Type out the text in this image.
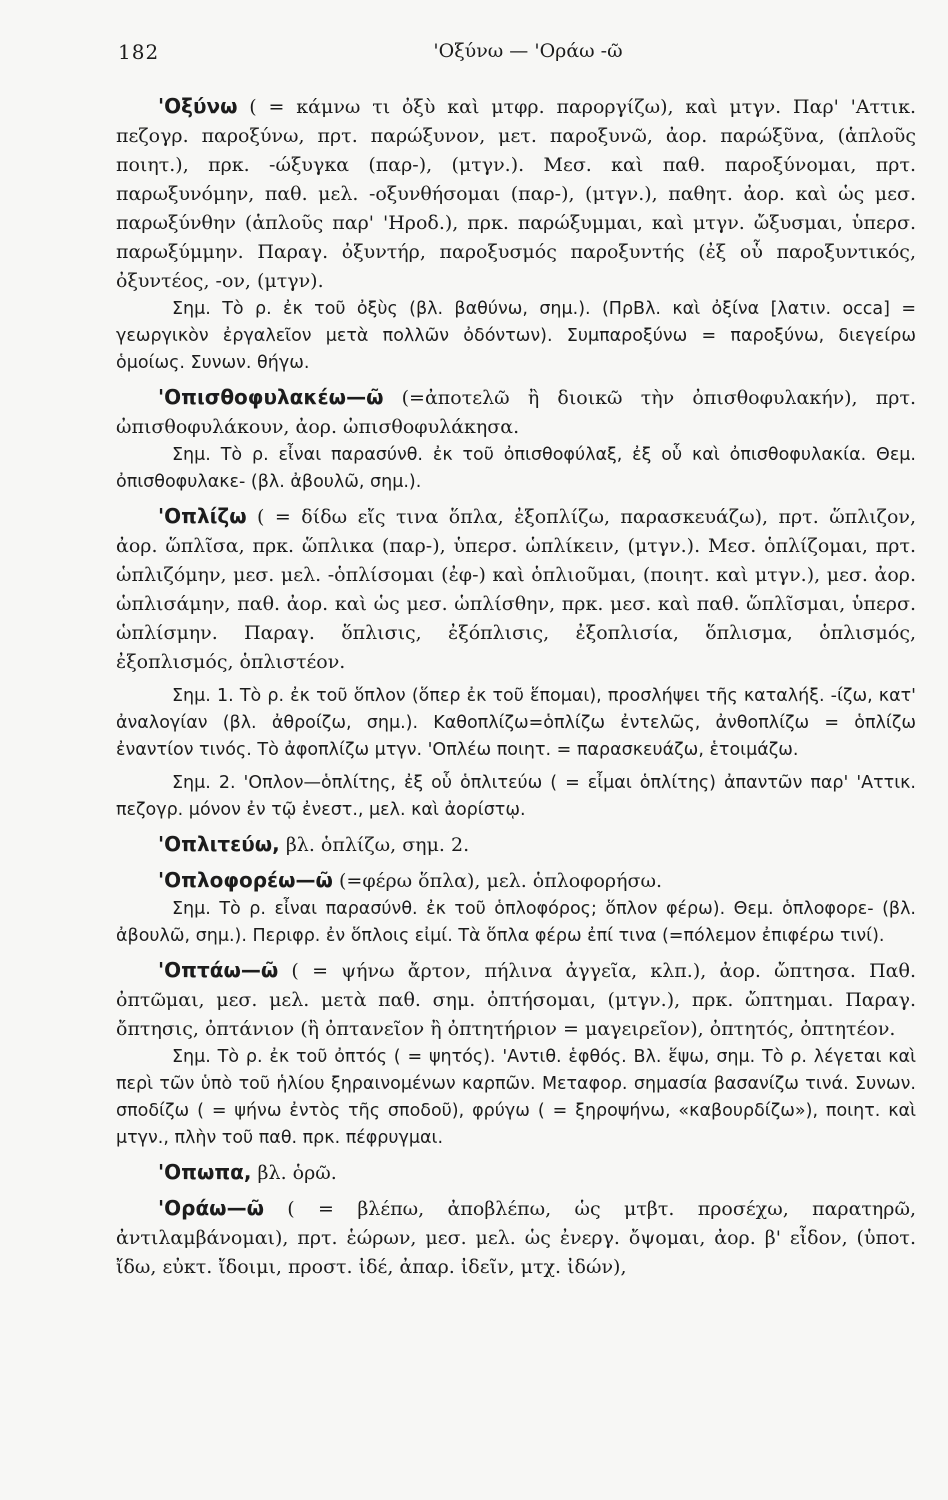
182	'Οξύνω — 'Οράω -ῶ

'Οξύνω ( = κάμνω τι ὀξὺ καὶ μτφρ. παροργίζω), καὶ μτγν. Παρ' 'Αττικ. πεζογρ. παροξύνω, πρτ. παρώξυνον, μετ. παροξυνῶ, ἀορ. παρώξῦνα, (ἁπλοῦς ποιητ.), πρκ. -ώξυγκα (παρ-), (μτγν.). Μεσ. καὶ παθ. παροξύνομαι, πρτ. παρωξυνόμην, παθ. μελ. -οξυνθήσομαι (παρ-), (μτγν.), παθητ. ἀορ. καὶ ὡς μεσ. παρωξύνθην (ἁπλοῦς παρ' 'Ηροδ.), πρκ. παρώξυμμαι, καὶ μτγν. ὤξυσμαι, ὑπερσ. παρωξύμμην. Παραγ. ὀξυντήρ, παροξυσμός παροξυντής (ἐξ οὗ παροξυντικός, ὀξυντέος, -ον, (μτγν).

Σημ. Τὸ ρ. ἐκ τοῦ ὀξὺς (βλ. βαθύνω, σημ.). (ΠρΒλ. καὶ ὀξίνα [λατιν. occa] = γεωργικὸν ἐργαλεῖον μετὰ πολλῶν ὀδόντων). Συμπαροξύνω = παροξύνω, διεγείρω ὁμοίως. Συνων. θήγω.

'Οπισθοφυλακέω—ῶ (=ἀποτελῶ ἢ διοικῶ τὴν ὀπισθοφυλακήν), πρτ. ὠπισθοφυλάκουν, ἀορ. ὠπισθοφυλάκησα.

Σημ. Τὸ ρ. εἶναι παρασύνθ. ἐκ τοῦ ὀπισθοφύλαξ, ἐξ οὗ καὶ ὀπισθοφυλακία. Θεμ. ὀπισθοφυλακε- (βλ. ἀβουλῶ, σημ.).

'Οπλίζω ( = δίδω εἴς τινα ὅπλα, ἐξοπλίζω, παρασκευάζω), πρτ. ὥπλιζον, ἀορ. ὥπλῖσα, πρκ. ὥπλικα (παρ-), ὑπερσ. ὡπλίκειν, (μτγν.). Μεσ. ὁπλίζομαι, πρτ. ὡπλιζόμην, μεσ. μελ. -ὁπλίσομαι (ἐφ-) καὶ ὁπλιοῦμαι, (ποιητ. καὶ μτγν.), μεσ. ἀορ. ὡπλισάμην, παθ. ἀορ. καὶ ὡς μεσ. ὡπλίσθην, πρκ. μεσ. καὶ παθ. ὥπλῖσμαι, ὑπερσ. ὡπλίσμην. Παραγ. ὅπλισις, ἐξόπλισις, ἐξοπλισία, ὅπλισμα, ὁπλισμός, ἐξοπλισμός, ὁπλιστέον.

Σημ. 1. Τὸ ρ. ἐκ τοῦ ὅπλον (ὅπερ ἐκ τοῦ ἕπομαι), προσλήψει τῆς καταλήξ. -ίζω, κατ' ἀναλογίαν (βλ. ἀθροίζω, σημ.). Καθοπλίζω=ὁπλίζω ἐντελῶς, ἀνθοπλίζω = ὁπλίζω ἐναντίον τινός. Τὸ ἀφοπλίζω μτγν. 'Οπλέω ποιητ. = παρασκευάζω, ἑτοιμάζω.

Σημ. 2. 'Οπλον—ὁπλίτης, ἐξ οὗ ὁπλιτεύω ( = εἶμαι ὁπλίτης) ἀπαντῶν παρ' 'Αττικ. πεζογρ. μόνον ἐν τῷ ἐνεστ., μελ. καὶ ἀορίστῳ.

'Οπλιτεύω, βλ. ὁπλίζω, σημ. 2.

'Οπλοφορέω—ῶ (=φέρω ὅπλα), μελ. ὁπλοφορήσω.

Σημ. Τὸ ρ. εἶναι παρασύνθ. ἐκ τοῦ ὁπλοφόρος; ὅπλον φέρω). Θεμ. ὁπλοφορε- (βλ. ἀβουλῶ, σημ.). Περιφρ. ἐν ὅπλοις εἰμί. Τὰ ὅπλα φέρω ἐπί τινα (=πόλεμον ἐπιφέρω τινί).

'Οπτάω—ῶ ( = ψήνω ἄρτον, πήλινα ἀγγεῖα, κλπ.), ἀορ. ὤπτησα. Παθ. ὀπτῶμαι, μεσ. μελ. μετὰ παθ. σημ. ὀπτήσομαι, (μτγν.), πρκ. ὤπτημαι. Παραγ. ὄπτησις, ὀπτάνιον (ἢ ὀπτανεῖον ἢ ὀπτητήριον = μαγειρεῖον), ὀπτητός, ὀπτητέον.

Σημ. Τὸ ρ. ἐκ τοῦ ὀπτός ( = ψητός). 'Αντιθ. ἑφθός. Βλ. ἕψω, σημ. Τὸ ρ. λέγεται καὶ περὶ τῶν ὑπὸ τοῦ ἡλίου ξηραινομένων καρπῶν. Μεταφορ. σημασία βασανίζω τινά. Συνων. σποδίζω ( = ψήνω ἐντὸς τῆς σποδοῦ), φρύγω ( = ξηροψήνω, «καβουρδίζω»), ποιητ. καὶ μτγν., πλὴν τοῦ παθ. πρκ. πέφρυγμαι.

'Οπωπα, βλ. ὁρῶ.

'Οράω—ῶ ( = βλέπω, ἀποβλέπω, ὡς μτβτ. προσέχω, παρατηρῶ, ἀντιλαμβάνομαι), πρτ. ἑώρων, μεσ. μελ. ὡς ἐνεργ. ὄψομαι, ἀορ. β' εἶδον, (ὑποτ. ἴδω, εὐκτ. ἴδοιμι, προστ. ἰδέ, ἀπαρ. ἰδεῖν, μτχ. ἰδών),
